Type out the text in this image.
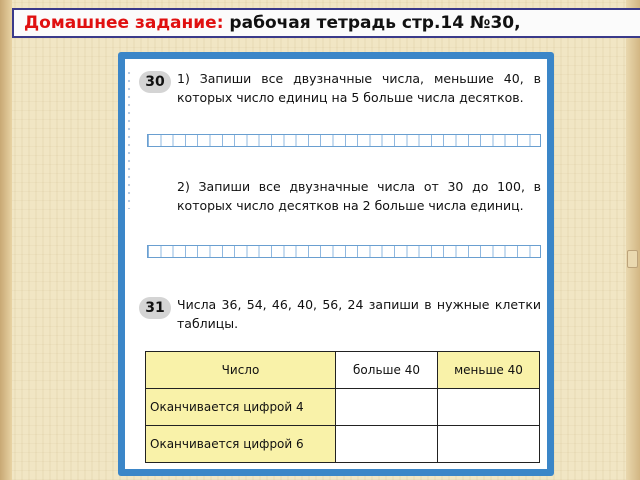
Домашнее задание: рабочая тетрадь стр.14 №30,
30 1) Запиши все двузначные числа, меньшие 40, в которых число единиц на 5 больше числа десятков.
2) Запиши все двузначные числа от 30 до 100, в которых число десятков на 2 больше числа единиц.
31 Числа 36, 54, 46, 40, 56, 24 запиши в нужные клетки таблицы.
Число	больше 40	меньше 40
Оканчивается цифрой 4		
Оканчивается цифрой 6		
